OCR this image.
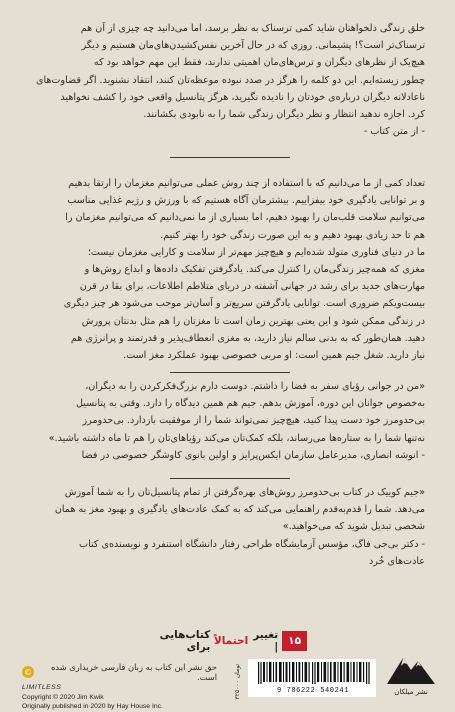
خلق زندگی دلخواهتان شاید کمی ترسناک به نظر برسد، اما می‌دانید چه چیزی از آن هم

ترسناک‌تر است؟! پشیمانی. روزی که در حال آخرین نفس‌کشیدن‌های‌مان هستیم و دیگر

هیچ‌یک از نظرهای دیگران و ترس‌های‌مان اهمیتی ندارند، فقط این مهم خواهد بود که

چطور زیسته‌ایم. این دو کلمه را هرگز در صدد نبوده موعظه‌تان کنند، انتقاد نشنوید. اگر قضاوت‌های

ناعادلانه دیگران درباره‌ی خودتان را نادیده نگیرید، هرگز پتانسیل واقعی خود را کشف نخواهید

کرد. اجازه ندهید انتظار و نظر دیگران زندگی شما را به نابودی بکشانند.

- از متن کتاب -

تعداد کمی از ما می‌دانیم که با استفاده از چند روش عملی می‌توانیم مغزمان را ارتقا بدهیم

و بر توانایی یادگیری خود بیفزاییم. بیشترمان آگاه هستیم که با ورزش و رژیم غذایی مناسب

می‌توانیم سلامت قلب‌مان را بهبود دهیم، اما بسیاری از ما نمی‌دانیم که می‌توانیم مغزمان را

هم تا حد زیادی بهبود دهیم و به این صورت زندگی خود را بهتر کنیم.

ما در دنیای فناوری متولد شده‌ایم و هیچ‌چیز مهم‌تر از سلامت و کارایی مغزمان نیست؛

مغزی که همه‌چیز زندگی‌مان را کنترل می‌کند. یادگرفتن تفکیک داده‌ها و ابداع روش‌ها و

مهارت‌های جدید برای رشد در جهانی آشفته در دریای متلاطم اطلاعات، برای بقا در قرن

بیست‌ویکم ضروری است. توانایی یادگرفتن سریع‌تر و آسان‌تر موجب می‌شود هر چیز دیگری

در زندگی ممکن شود و این یعنی بهترین زمان است تا مغزتان را هم مثل بدنتان پرورش

دهید. همان‌طور که به بدنی سالم نیاز دارید، به مغزی انعطاف‌پذیر و قدرتمند و پرانرژی هم

نیاز دارید. شغل جیم همین است: او مربی خصوصی بهبود عملکرد مغز است.

«من در جوانی رؤیای سفر به فضا را داشتم. دوست دارم بزرگ‌فکرکردن را به دیگران،

به‌خصوص جوانان این دوره، آموزش بدهم. جیم هم همین دیدگاه را دارد. وقتی به پتانسیل

بی‌حدومرز خود دست پیدا کنید، هیچ‌چیز نمی‌تواند شما را از موفقیت بازدارد. بی‌حدومرز

نه‌تنها شما را به ستاره‌ها می‌رساند، بلکه کمک‌تان می‌کند رؤیاهای‌تان را هم تا ماه داشته باشید.»

- انوشه انصاری، مدیرعامل سازمان ایکس‌پرایز و اولین بانوی کاوشگر خصوصی در فضا

«جیم کوییک در کتاب بی‌حدومرز روش‌های بهره‌گرفتن از تمام پتانسیل‌تان را به شما آموزش

می‌دهد. شما را قدم‌به‌قدم راهنمایی می‌کند که به کمک عادت‌های یادگیری و بهبود مغز به همان

شخصی تبدیل شوید که می‌خواهید.»

- دکتر بی‌جی فاگ، مؤسس آزمایشگاه طراحی رفتار دانشگاه استنفرد و نویسنده‌ی کتاب

عادت‌های خُرد

۱۵
تغییر |

احتمالاً

کتاب‌هایی برای
حق نشر این کتاب به زبان فارسی خریداری شده است.
©
LIMITLESS
Copyright © 2020 Jim Kwik
Originally published in 2020 by Hay House Inc.
۳۲۵۰۰۰ تومان
9 786222 540241	نشر میلکان
